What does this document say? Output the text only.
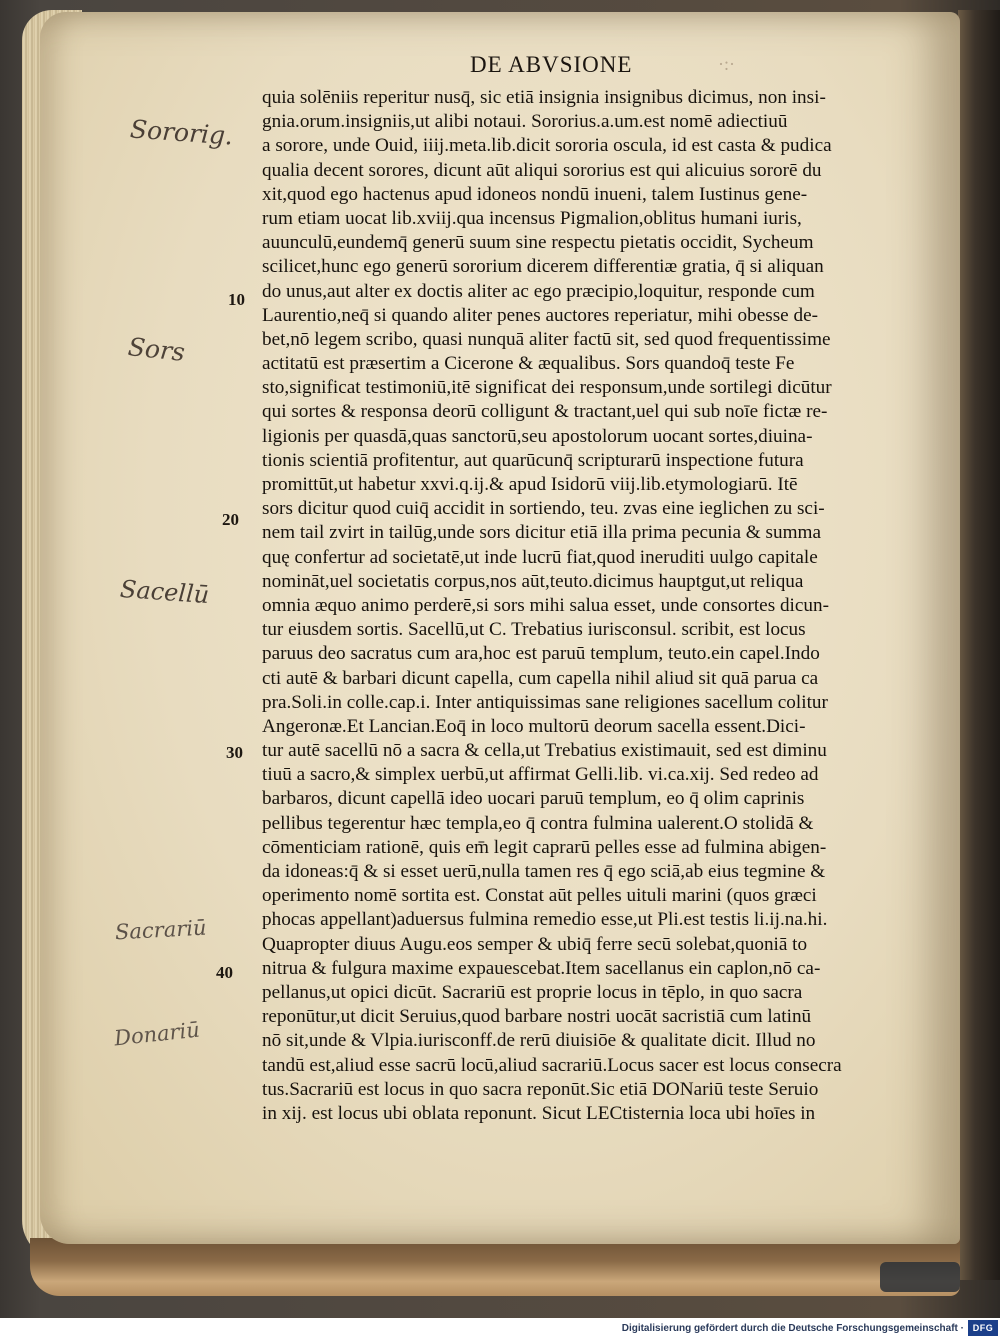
DE ABVSIONE	·:·
quia solēniis reperitur nusq̄, sic etiā insignia insignibus dicimus, non insi-
gnia.orum.insigniis,ut alibi notaui. Sororius.a.um.est nomē adiectiuū
a sorore, unde Ouid, iiij.meta.lib.dicit sororia oscula, id est casta & pudica
qualia decent sorores, dicunt aūt aliqui sororius est qui alicuius sororē du
xit,quod ego hactenus apud idoneos nondū inueni, talem Iustinus gene-
rum etiam uocat lib.xviij.qua incensus Pigmalion,oblitus humani iuris,
auunculū,eundemq̄ generū suum sine respectu pietatis occidit, Sycheum
scilicet,hunc ego generū sororium dicerem differentiæ gratia, q̄ si aliquan
do unus,aut alter ex doctis aliter ac ego præcipio,loquitur, responde cum
Laurentio,neq̄ si quando aliter penes auctores reperiatur, mihi obesse de-
bet,nō legem scribo, quasi nunquā aliter factū sit, sed quod frequentissime
actitatū est præsertim a Cicerone & æqualibus. Sors quandoq̄ teste Fe
sto,significat testimoniū,itē significat dei responsum,unde sortilegi dicūtur
qui sortes & responsa deorū colligunt & tractant,uel qui sub noīe fictæ re-
ligionis per quasdā,quas sanctorū,seu apostolorum uocant sortes,diuina-
tionis scientiā profitentur, aut quarūcunq̄ scripturarū inspectione futura
promittūt,ut habetur xxvi.q.ij.& apud Isidorū viij.lib.etymologiarū. Itē
sors dicitur quod cuiq̄ accidit in sortiendo, teu. zvas eine ieglichen zu sci-
nem tail zvirt in tailūg,unde sors dicitur etiā illa prima pecunia & summa
quę confertur ad societatē,ut inde lucrū fiat,quod ineruditi uulgo capitale
nomināt,uel societatis corpus,nos aūt,teuto.dicimus hauptgut,ut reliqua
omnia æquo animo perderē,si sors mihi salua esset, unde consortes dicun-
tur eiusdem sortis. Sacellū,ut C. Trebatius iurisconsul. scribit, est locus
paruus deo sacratus cum ara,hoc est paruū templum, teuto.ein capel.Indo
cti autē & barbari dicunt capella, cum capella nihil aliud sit quā parua ca
pra.Soli.in colle.cap.i. Inter antiquissimas sane religiones sacellum colitur
Angeronæ.Et Lancian.Eoq̄ in loco multorū deorum sacella essent.Dici-
tur autē sacellū nō a sacra & cella,ut Trebatius existimauit, sed est diminu
tiuū a sacro,& simplex uerbū,ut affirmat Gelli.lib. vi.ca.xij. Sed redeo ad
barbaros, dicunt capellā ideo uocari paruū templum, eo q̄ olim caprinis
pellibus tegerentur hæc templa,eo q̄ contra fulmina ualerent.O stolidā &
cōmenticiam rationē, quis em̄ legit caprarū pelles esse ad fulmina abigen-
da idoneas:q̄ & si esset uerū,nulla tamen res q̄ ego sciā,ab eius tegmine &
operimento nomē sortita est. Constat aūt pelles uituli marini (quos græci
phocas appellant)aduersus fulmina remedio esse,ut Pli.est testis li.ij.na.hi.
Quapropter diuus Augu.eos semper & ubiq̄ ferre secū solebat,quoniā to
nitrua & fulgura maxime expauescebat.Item sacellanus ein caplon,nō ca-
pellanus,ut opici dicūt. Sacrariū est proprie locus in tēplo, in quo sacra
reponūtur,ut dicit Seruius,quod barbare nostri uocāt sacristiā cum latinū
nō sit,unde & Vlpia.iurisconff.de rerū diuisiōe & qualitate dicit. Illud no
tandū est,aliud esse sacrū locū,aliud sacrariū.Locus sacer est locus consecra
tus.Sacrariū est locus in quo sacra reponūt.Sic etiā DONariū teste Seruio
in xij. est locus ubi oblata reponunt. Sicut LECtisternia loca ubi hoīes in
10
20
30
40
Sororig.
Sors
Sacellū
Sacrariū
Donariū
Digitalisierung gefördert durch die Deutsche Forschungsgemeinschaft · DFG
